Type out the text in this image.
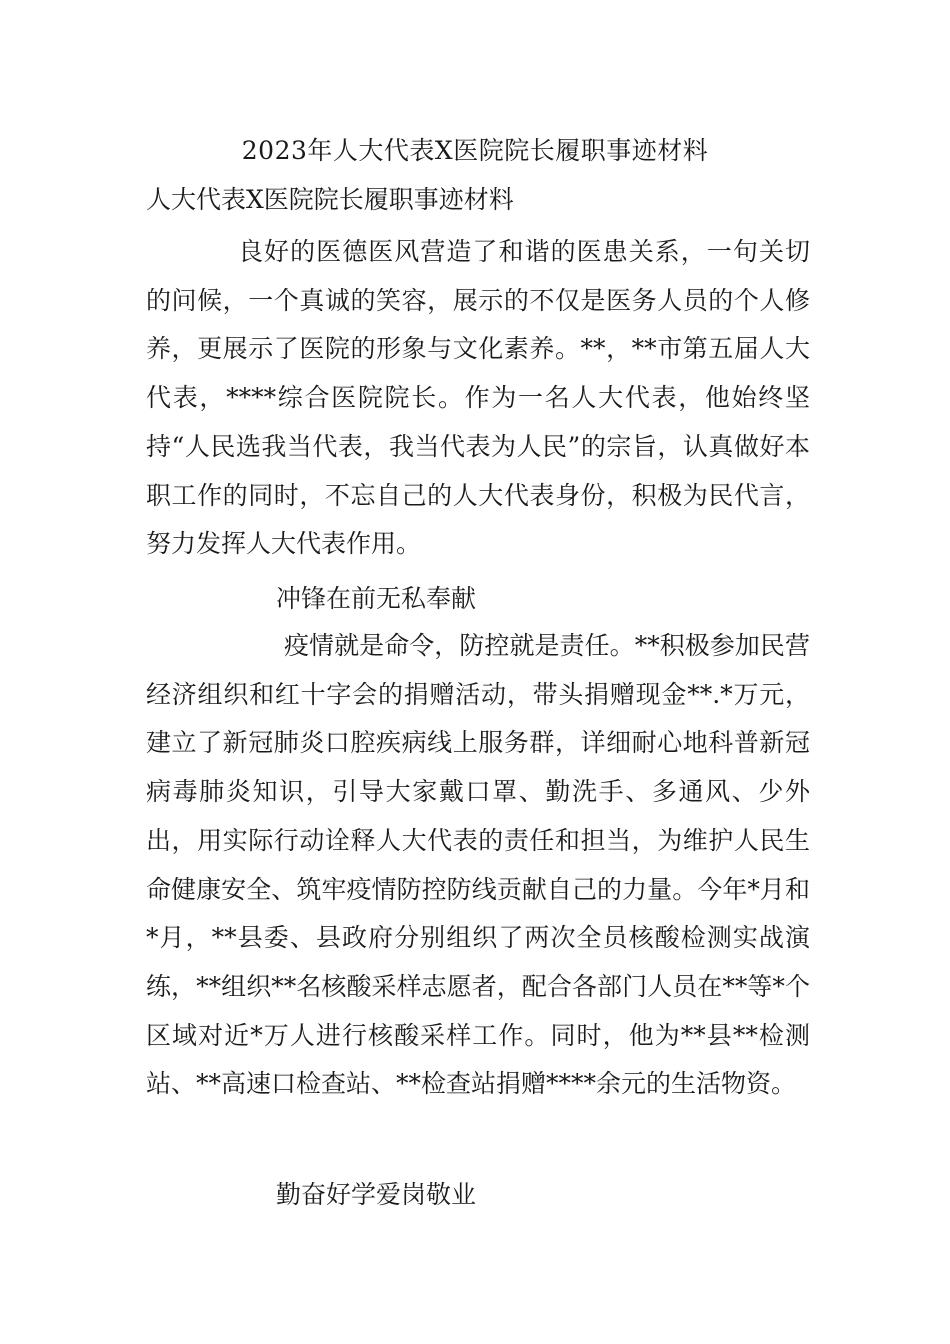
2023年人大代表X医院院长履职事迹材料
人大代表X医院院长履职事迹材料

良好的医德医风营造了和谐的医患关系，一句关切的问候，一个真诚的笑容，展示的不仅是医务人员的个人修养，更展示了医院的形象与文化素养。**，**市第五届人大代表，****综合医院院长。作为一名人大代表，他始终坚持“人民选我当代表，我当代表为人民”的宗旨，认真做好本职工作的同时，不忘自己的人大代表身份，积极为民代言，努力发挥人大代表作用。

冲锋在前无私奉献

疫情就是命令，防控就是责任。**积极参加民营经济组织和红十字会的捐赠活动，带头捐赠现金**.*万元，建立了新冠肺炎口腔疾病线上服务群，详细耐心地科普新冠病毒肺炎知识，引导大家戴口罩、勤洗手、多通风、少外出，用实际行动诠释人大代表的责任和担当，为维护人民生命健康安全、筑牢疫情防控防线贡献自己的力量。今年*月和*月，**县委、县政府分别组织了两次全员核酸检测实战演练，**组织**名核酸采样志愿者，配合各部门人员在**等*个区域对近*万人进行核酸采样工作。同时，他为**县**检测站、**高速口检查站、**检查站捐赠****余元的生活物资。

勤奋好学爱岗敬业
